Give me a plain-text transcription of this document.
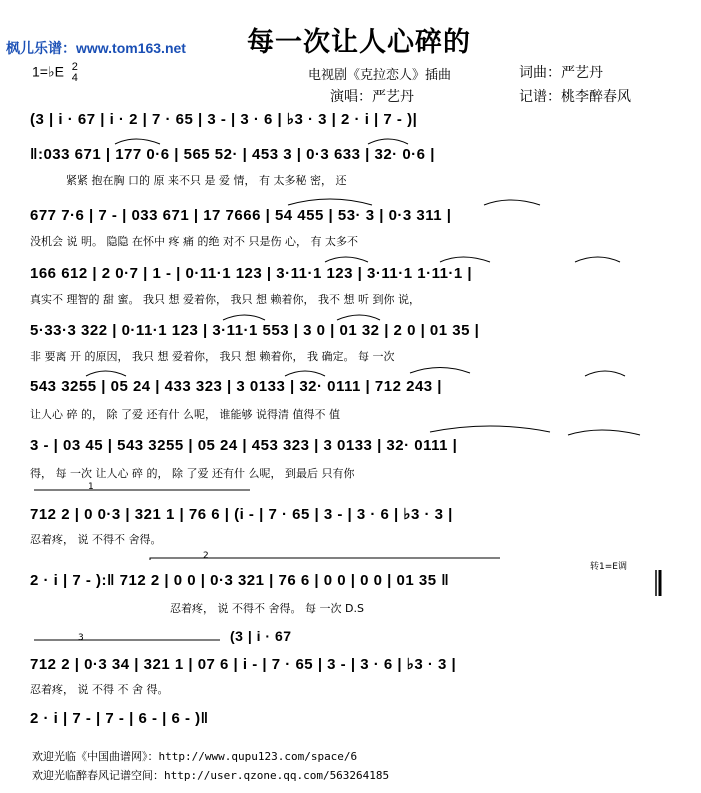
枫儿乐谱：www.tom163.net 每一次让人心碎的
1=♭E 2
4	电视剧《克拉恋人》插曲	词曲：严艺丹
演唱：严艺丹	记谱：桃李醉春风
(3 | i · 67 | i · 2 | 7 · 65 | 3 - | 3 · 6 | ♭3 · 3 | 2 · i | 7 - )|
‖:033 671 | 177 0·6 | 565 52· | 453 3 | 0·3 633 | 32· 0·6 |
紧紧 抱在胸 口的 原 来不只 是 爱 情， 有 太多秘 密， 还
677 7·6 | 7 - | 033 671 | 17 7666 | 54 455 | 53· 3 | 0·3 311 |
没机会 说 明。 隐隐 在怀中 疼 痛 的绝 对不 只是伤 心， 有 太多不
166 612 | 2 0·7 | 1 - | 0·11·1 123 | 3·11·1 123 | 3·11·1 1·11·1 |
真实不 理智的 甜 蜜。 我只 想 爱着你， 我只 想 赖着你， 我不 想 听 到你 说，
5·33·3 322 | 0·11·1 123 | 3·11·1 553 | 3 0 | 01 32 | 2 0 | 01 35 |
非 要离 开 的原因， 我只 想 爱着你， 我只 想 赖着你， 我 确定。 每 一次
543 3255 | 05 24 | 433 323 | 3 0133 | 32· 0111 | 712 243 |
让人心 碎 的， 除 了爱 还有什 么呢， 谁能够 说得清 值得不 值
3 - | 03 45 | 543 3255 | 05 24 | 453 323 | 3 0133 | 32· 0111 |
得， 每 一次 让人心 碎 的， 除 了爱 还有什 么呢， 到最后 只有你
712 2 | 0 0·3 | 321 1 | 76 6 | (i - | 7 · 65 | 3 - | 3 · 6 | ♭3 · 3 |
忍着疼， 说 不得不 舍得。
2 · i | 7 - ):‖ 712 2 | 0 0 | 0·3 321 | 76 6 | 0 0 | 0 0 | 01 35 ‖
忍着疼， 说 不得不 舍得。 每 一次 D.S
(3 | i · 67
712 2 | 0·3 34 | 321 1 | 07 6 | i - | 7 · 65 | 3 - | 3 · 6 | ♭3 · 3 |
忍着疼， 说 不得 不 舍 得。
2 · i | 7 - | 7 - | 6 - | 6 - )‖
1
2
3
转1=E调
欢迎光临《中国曲谱网》：http://www.qupu123.com/space/6
欢迎光临醉春风记谱空间：http://user.qzone.qq.com/563264185
